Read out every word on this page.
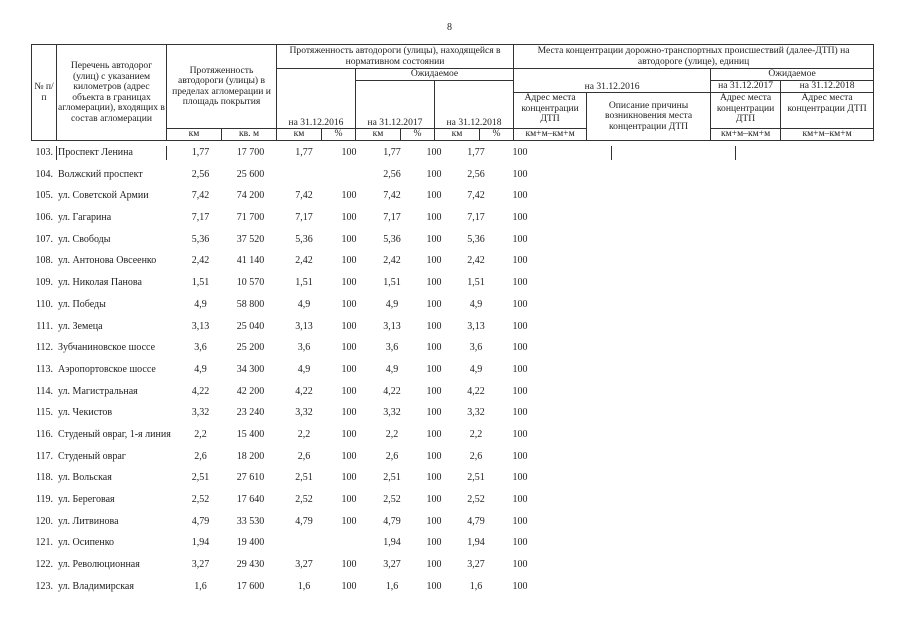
8
№ п/п	Перечень автодорог (улиц) с указанием километров (адрес объекта в границах агломерации), входящих в состав агломерации	Протяженность автодороги (улицы) в пределах агломерации и площадь покрытия		Протяженность автодороги (улицы), находящейся в нормативном состоянии						Места концентрации дорожно-транспортных происшествий (далее-ДТП) на автодороге (улице), единиц			
				на 31.12.2016		Ожидаемое				на 31.12.2016		Ожидаемое	
						на 31.12.2017		на 31.12.2018				на 31.12.2017	на 31.12.2018
										Адрес места концентрации ДТП	Описание причины возникновения места концентрации ДТП	Адрес места концентрации ДТП	Адрес места концентрации ДТП
		км	кв. м	км	%	км	%	км	%	км+м–км+м		км+м–км+м	км+м–км+м
103.	Проспект Ленина	1,77	17 700	1,77	100	1,77	100	1,77	100	
104.	Волжский проспект	2,56	25 600			2,56	100	2,56	100	
105.	ул. Советской Армии	7,42	74 200	7,42	100	7,42	100	7,42	100	
106.	ул. Гагарина	7,17	71 700	7,17	100	7,17	100	7,17	100	
107.	ул. Свободы	5,36	37 520	5,36	100	5,36	100	5,36	100	
108.	ул. Антонова Овсеенко	2,42	41 140	2,42	100	2,42	100	2,42	100	
109.	ул. Николая Панова	1,51	10 570	1,51	100	1,51	100	1,51	100	
110.	ул. Победы	4,9	58 800	4,9	100	4,9	100	4,9	100	
111.	ул. Земеца	3,13	25 040	3,13	100	3,13	100	3,13	100	
112.	Зубчаниновское шоссе	3,6	25 200	3,6	100	3,6	100	3,6	100	
113.	Аэропортовское шоссе	4,9	34 300	4,9	100	4,9	100	4,9	100	
114.	ул. Магистральная	4,22	42 200	4,22	100	4,22	100	4,22	100	
115.	ул. Чекистов	3,32	23 240	3,32	100	3,32	100	3,32	100	
116.	Студеный овраг, 1-я линия	2,2	15 400	2,2	100	2,2	100	2,2	100	
117.	Студеный овраг	2,6	18 200	2,6	100	2,6	100	2,6	100	
118.	ул. Вольская	2,51	27 610	2,51	100	2,51	100	2,51	100	
119.	ул. Береговая	2,52	17 640	2,52	100	2,52	100	2,52	100	
120.	ул. Литвинова	4,79	33 530	4,79	100	4,79	100	4,79	100	
121.	ул. Осипенко	1,94	19 400			1,94	100	1,94	100	
122.	ул. Революционная	3,27	29 430	3,27	100	3,27	100	3,27	100	
123.	ул. Владимирская	1,6	17 600	1,6	100	1,6	100	1,6	100	
